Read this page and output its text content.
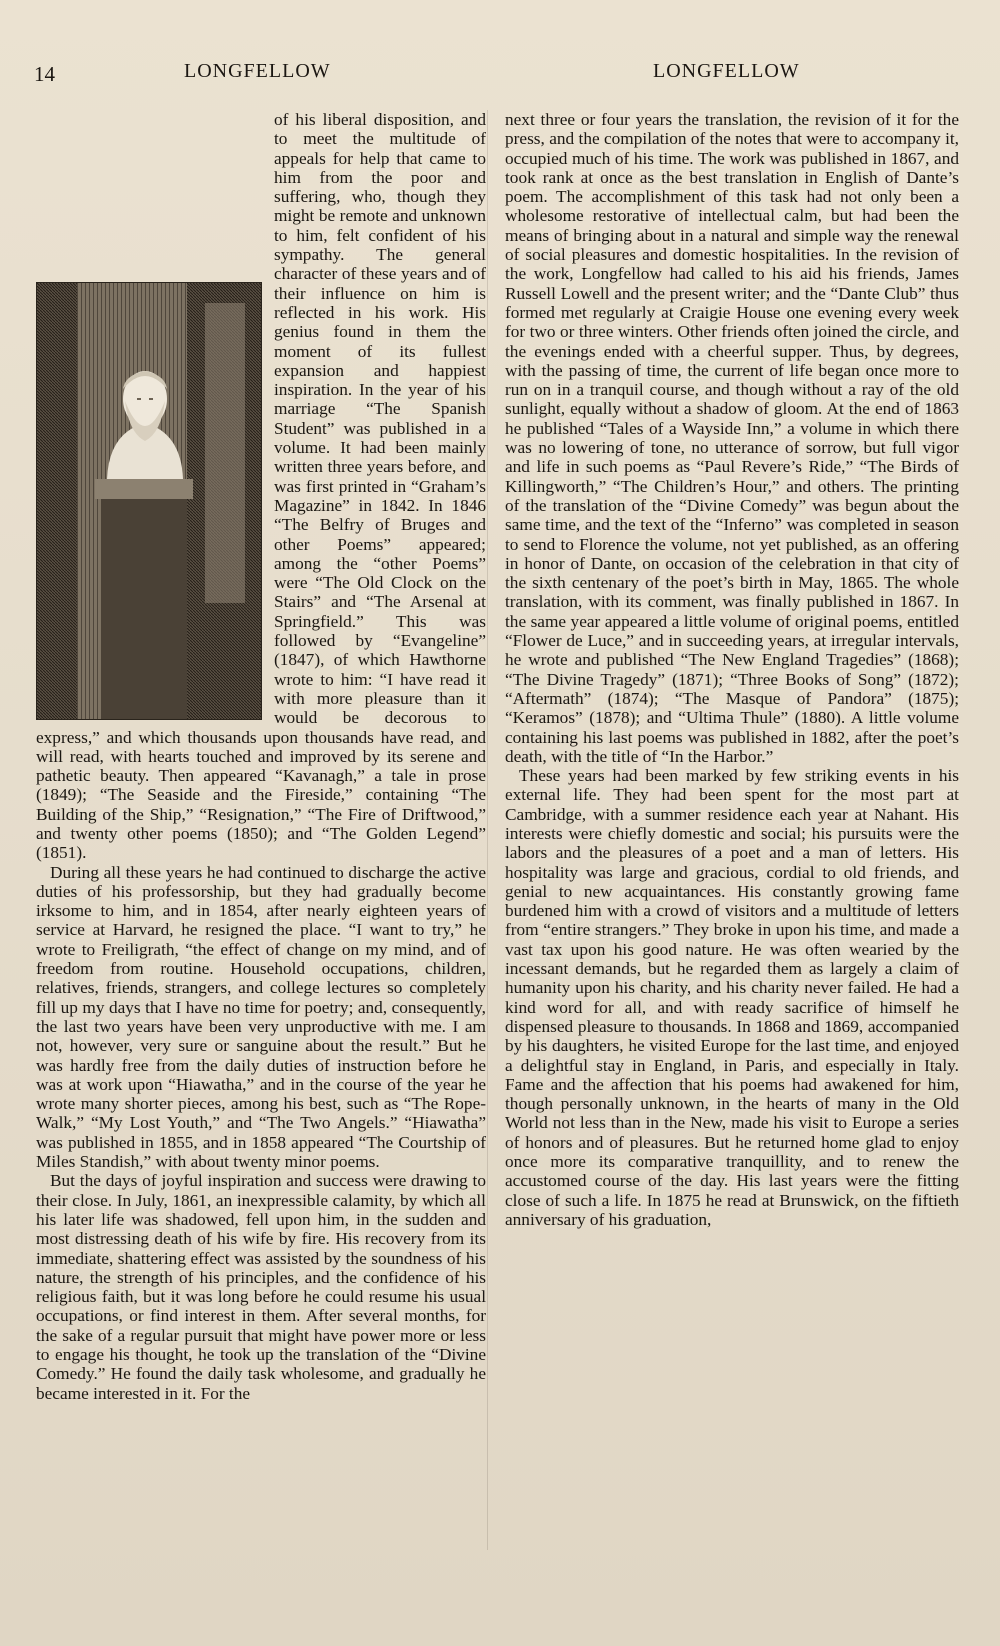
14	LONGFELLOW	LONGFELLOW

of his liberal disposition, and to meet the multitude of appeals for help that came to him from the poor and suffering, who, though they might be remote and unknown to him, felt confident of his sympathy. The general character of these years and of their influence on him is reflected in his work. His genius found in them the moment of its fullest expansion and happiest inspiration. In the year of his marriage “The Spanish Student” was published in a volume. It had been mainly written three years before, and was first printed in “Graham’s Magazine” in 1842. In 1846 “The Belfry of Bruges and other Poems” appeared; among the “other Poems” were “The Old Clock on the Stairs” and “The Arsenal at Springfield.” This was followed by “Evangeline” (1847), of which Hawthorne wrote to him: “I have read it with more pleasure than it would be decorous to express,” and which thousands upon thousands have read, and will read, with hearts touched and improved by its serene and pathetic beauty. Then appeared “Kavanagh,” a tale in prose (1849); “The Seaside and the Fireside,” containing “The Building of the Ship,” “Resignation,” “The Fire of Driftwood,” and twenty other poems (1850); and “The Golden Legend” (1851).

During all these years he had continued to discharge the active duties of his professorship, but they had gradually become irksome to him, and in 1854, after nearly eighteen years of service at Harvard, he resigned the place. “I want to try,” he wrote to Freiligrath, “the effect of change on my mind, and of freedom from routine. Household occupations, children, relatives, friends, strangers, and college lectures so completely fill up my days that I have no time for poetry; and, consequently, the last two years have been very unproductive with me. I am not, however, very sure or sanguine about the result.” But he was hardly free from the daily duties of instruction before he was at work upon “Hiawatha,” and in the course of the year he wrote many shorter pieces, among his best, such as “The Rope-Walk,” “My Lost Youth,” and “The Two Angels.” “Hiawatha” was published in 1855, and in 1858 appeared “The Courtship of Miles Standish,” with about twenty minor poems.

But the days of joyful inspiration and success were drawing to their close. In July, 1861, an inexpressible calamity, by which all his later life was shadowed, fell upon him, in the sudden and most distressing death of his wife by fire. His recovery from its immediate, shattering effect was assisted by the soundness of his nature, the strength of his principles, and the confidence of his religious faith, but it was long before he could resume his usual occupations, or find interest in them. After several months, for the sake of a regular pursuit that might have power more or less to engage his thought, he took up the translation of the “Divine Comedy.” He found the daily task wholesome, and gradually he became interested in it. For the

next three or four years the translation, the revision of it for the press, and the compilation of the notes that were to accompany it, occupied much of his time. The work was published in 1867, and took rank at once as the best translation in English of Dante’s poem. The accomplishment of this task had not only been a wholesome restorative of intellectual calm, but had been the means of bringing about in a natural and simple way the renewal of social pleasures and domestic hospitalities. In the revision of the work, Longfellow had called to his aid his friends, James Russell Lowell and the present writer; and the “Dante Club” thus formed met regularly at Craigie House one evening every week for two or three winters. Other friends often joined the circle, and the evenings ended with a cheerful supper. Thus, by degrees, with the passing of time, the current of life began once more to run on in a tranquil course, and though without a ray of the old sunlight, equally without a shadow of gloom. At the end of 1863 he published “Tales of a Wayside Inn,” a volume in which there was no lowering of tone, no utterance of sorrow, but full vigor and life in such poems as “Paul Revere’s Ride,” “The Birds of Killingworth,” “The Children’s Hour,” and others. The printing of the translation of the “Divine Comedy” was begun about the same time, and the text of the “Inferno” was completed in season to send to Florence the volume, not yet published, as an offering in honor of Dante, on occasion of the celebration in that city of the sixth centenary of the poet’s birth in May, 1865. The whole translation, with its comment, was finally published in 1867. In the same year appeared a little volume of original poems, entitled “Flower de Luce,” and in succeeding years, at irregular intervals, he wrote and published “The New England Tragedies” (1868); “The Divine Tragedy” (1871); “Three Books of Song” (1872); “Aftermath” (1874); “The Masque of Pandora” (1875); “Keramos” (1878); and “Ultima Thule” (1880). A little volume containing his last poems was published in 1882, after the poet’s death, with the title of “In the Harbor.”

These years had been marked by few striking events in his external life. They had been spent for the most part at Cambridge, with a summer residence each year at Nahant. His interests were chiefly domestic and social; his pursuits were the labors and the pleasures of a poet and a man of letters. His hospitality was large and gracious, cordial to old friends, and genial to new acquaintances. His constantly growing fame burdened him with a crowd of visitors and a multitude of letters from “entire strangers.” They broke in upon his time, and made a vast tax upon his good nature. He was often wearied by the incessant demands, but he regarded them as largely a claim of humanity upon his charity, and his charity never failed. He had a kind word for all, and with ready sacrifice of himself he dispensed pleasure to thousands. In 1868 and 1869, accompanied by his daughters, he visited Europe for the last time, and enjoyed a delightful stay in England, in Paris, and especially in Italy. Fame and the affection that his poems had awakened for him, though personally unknown, in the hearts of many in the Old World not less than in the New, made his visit to Europe a series of honors and of pleasures. But he returned home glad to enjoy once more its comparative tranquillity, and to renew the accustomed course of the day. His last years were the fitting close of such a life. In 1875 he read at Brunswick, on the fiftieth anniversary of his graduation,
